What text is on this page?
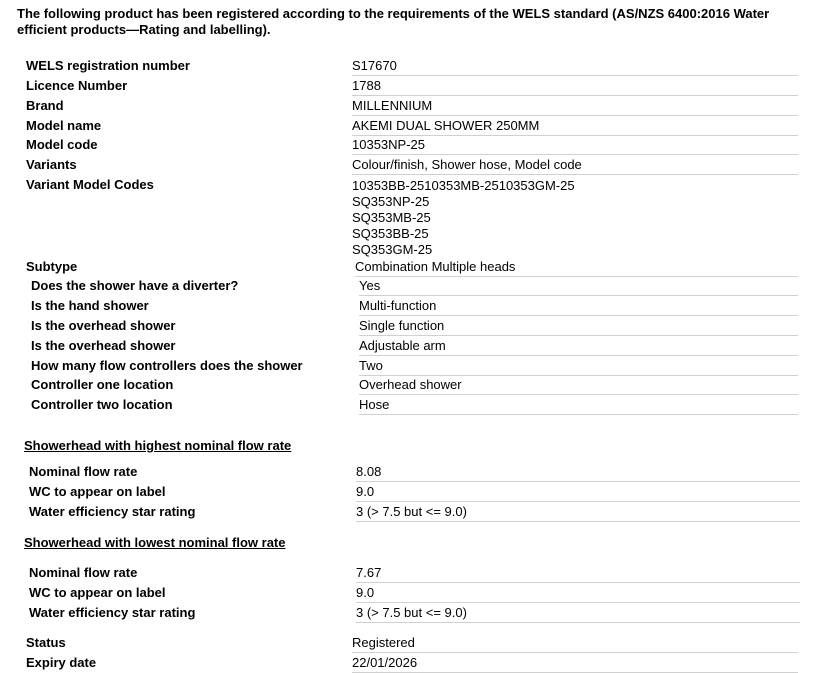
The following product has been registered according to the requirements of the WELS standard (AS/NZS 6400:2016 Water efficient products—Rating and labelling).
WELS registration number	S17670
Licence Number	1788
Brand	MILLENNIUM
Model name	AKEMI DUAL SHOWER 250MM
Model code	10353NP-25
Variants	Colour/finish, Shower hose, Model code
Variant Model Codes	10353BB-2510353MB-2510353GM-25
SQ353NP-25
SQ353MB-25
SQ353BB-25
SQ353GM-25
Subtype	Combination Multiple heads
Does the shower have a diverter?	Yes
Is the hand shower	Multi-function
Is the overhead shower	Single function
Is the overhead shower	Adjustable arm
How many flow controllers does the shower	Two
Controller one location	Overhead shower
Controller two location	Hose
Showerhead with highest nominal flow rate
Nominal flow rate	8.08
WC to appear on label	9.0
Water efficiency star rating	3 (> 7.5 but <= 9.0)
Showerhead with lowest nominal flow rate
Nominal flow rate	7.67
WC to appear on label	9.0
Water efficiency star rating	3 (> 7.5 but <= 9.0)
Status	Registered
Expiry date	22/01/2026
